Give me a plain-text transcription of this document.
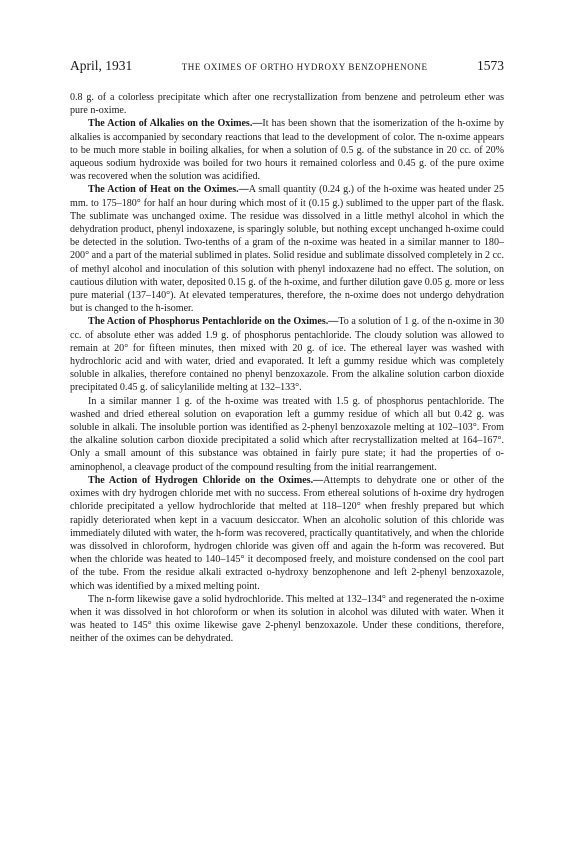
April, 1931	THE OXIMES OF ORTHO HYDROXY BENZOPHENONE	1573

0.8 g. of a colorless precipitate which after one recrystallization from benzene and petroleum ether was pure n-oxime.

The Action of Alkalies on the Oximes.—It has been shown that the isomerization of the h-oxime by alkalies is accompanied by secondary reactions that lead to the development of color. The n-oxime appears to be much more stable in boiling alkalies, for when a solution of 0.5 g. of the substance in 20 cc. of 20% aqueous sodium hydroxide was boiled for two hours it remained colorless and 0.45 g. of the pure oxime was recovered when the solution was acidified.

The Action of Heat on the Oximes.—A small quantity (0.24 g.) of the h-oxime was heated under 25 mm. to 175–180° for half an hour during which most of it (0.15 g.) sublimed to the upper part of the flask. The sublimate was unchanged oxime. The residue was dissolved in a little methyl alcohol in which the dehydration product, phenyl indoxazene, is sparingly soluble, but nothing except unchanged h-oxime could be detected in the solution. Two-tenths of a gram of the n-oxime was heated in a similar manner to 180–200° and a part of the material sublimed in plates. Solid residue and sublimate dissolved completely in 2 cc. of methyl alcohol and inoculation of this solution with phenyl indoxazene had no effect. The solution, on cautious dilution with water, deposited 0.15 g. of the h-oxime, and further dilution gave 0.05 g. more or less pure material (137–140°). At elevated temperatures, therefore, the n-oxime does not undergo dehydration but is changed to the h-isomer.

The Action of Phosphorus Pentachloride on the Oximes.—To a solution of 1 g. of the n-oxime in 30 cc. of absolute ether was added 1.9 g. of phosphorus pentachloride. The cloudy solution was allowed to remain at 20° for fifteen minutes, then mixed with 20 g. of ice. The ethereal layer was washed with hydrochloric acid and with water, dried and evaporated. It left a gummy residue which was completely soluble in alkalies, therefore contained no phenyl benzoxazole. From the alkaline solution carbon dioxide precipitated 0.45 g. of salicylanilide melting at 132–133°.

In a similar manner 1 g. of the h-oxime was treated with 1.5 g. of phosphorus pentachloride. The washed and dried ethereal solution on evaporation left a gummy residue of which all but 0.42 g. was soluble in alkali. The insoluble portion was identified as 2-phenyl benzoxazole melting at 102–103°. From the alkaline solution carbon dioxide precipitated a solid which after recrystallization melted at 164–167°. Only a small amount of this substance was obtained in fairly pure state; it had the properties of o-aminophenol, a cleavage product of the compound resulting from the initial rearrangement.

The Action of Hydrogen Chloride on the Oximes.—Attempts to dehydrate one or other of the oximes with dry hydrogen chloride met with no success. From ethereal solutions of h-oxime dry hydrogen chloride precipitated a yellow hydrochloride that melted at 118–120° when freshly prepared but which rapidly deteriorated when kept in a vacuum desiccator. When an alcoholic solution of this chloride was immediately diluted with water, the h-form was recovered, practically quantitatively, and when the chloride was dissolved in chloroform, hydrogen chloride was given off and again the h-form was recovered. But when the chloride was heated to 140–145° it decomposed freely, and moisture condensed on the cool part of the tube. From the residue alkali extracted o-hydroxy benzophenone and left 2-phenyl benzoxazole, which was identified by a mixed melting point.

The n-form likewise gave a solid hydrochloride. This melted at 132–134° and regenerated the n-oxime when it was dissolved in hot chloroform or when its solution in alcohol was diluted with water. When it was heated to 145° this oxime likewise gave 2-phenyl benzoxazole. Under these conditions, therefore, neither of the oximes can be dehydrated.
